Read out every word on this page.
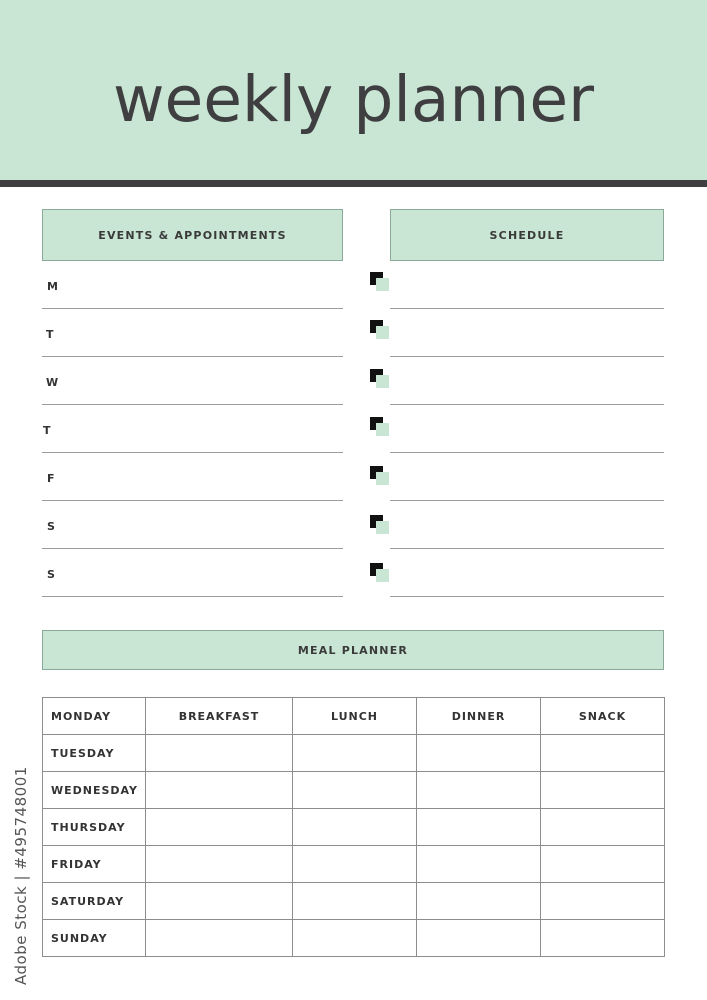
weekly planner
EVENTS & APPOINTMENTS	SCHEDULE
M
T
W
T
F
S
S
MEAL PLANNER
MONDAY	BREAKFAST	LUNCH	DINNER	SNACK
TUESDAY				
WEDNESDAY				
THURSDAY				
FRIDAY				
SATURDAY				
SUNDAY				
Adobe Stock | #495748001
